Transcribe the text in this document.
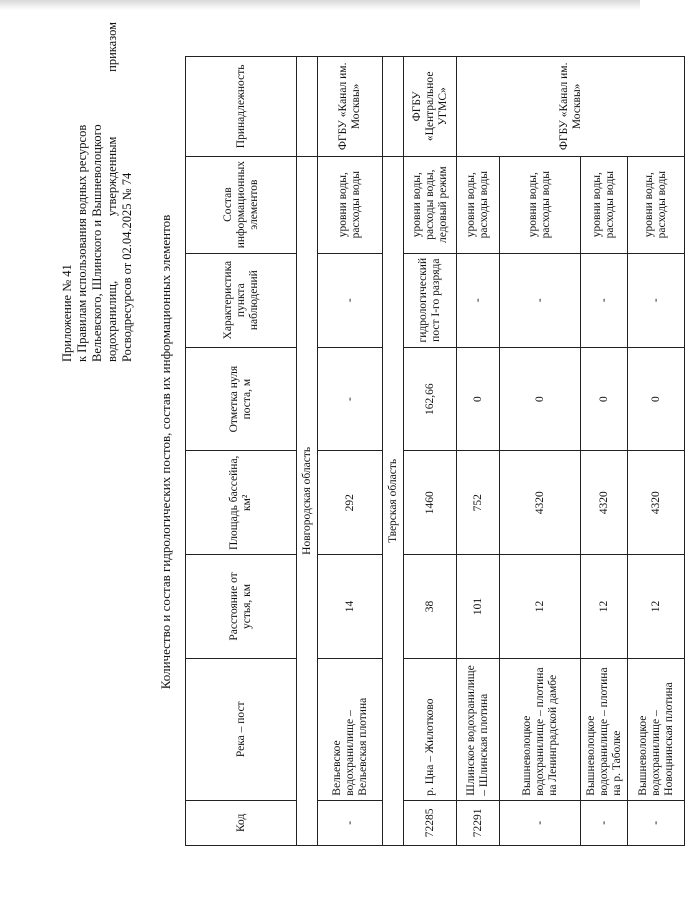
Приложение № 41 к Правилам использования водных ресурсов Вельевского, Шлинского и Вышневолоцкого водохранилищ, утвержденным приказом Росводресурсов от 02.04.2025 № 74 Количество и состав гидрологических постов, состав их информационных элементов
Код	Река – пост	Расстояние от устья, км	Площадь бассейна, км²	Отметка нуля поста, м	Характеристика пункта наблюдений	Состав информационных элементов	Принадлежность
Новгородская область							
-	Вельевское водохранилище – Вельевская плотина	14	292	-	-	уровни воды, расходы воды	ФГБУ «Канал им. Москвы»
Тверская область							
72285	р. Цна – Жилотково	38	1460	162,66	гидрологический пост I-го разряда	уровни воды, расходы воды, ледовый режим	ФГБУ «Центральное УГМС»
72291	Шлинское водохранилище – Шлинская плотина	101	752	0	-	уровни воды, расходы воды	ФГБУ «Канал им. Москвы»
-	Вышневолоцкое водохранилище – плотина на Ленинградской дамбе	12	4320	0	-	уровни воды, расходы воды	
-	Вышневолоцкое водохранилище – плотина на р. Таболке	12	4320	0	-	уровни воды, расходы воды	
-	Вышневолоцкое водохранилище – Новоцнинская плотина	12	4320	0	-	уровни воды, расходы воды	
